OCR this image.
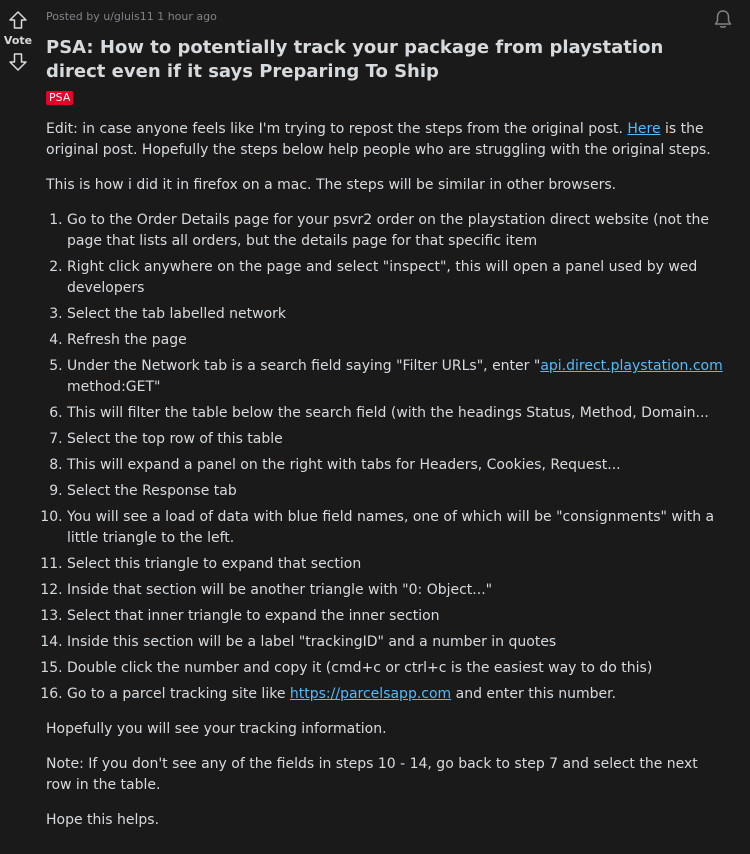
Vote
Posted by u/gluis11 1 hour ago
PSA: How to potentially track your package from playstation direct even if it says Preparing To Ship
PSA

Edit: in case anyone feels like I'm trying to repost the steps from the original post. Here is the original post. Hopefully the steps below help people who are struggling with the original steps.

This is how i did it in firefox on a mac. The steps will be similar in other browsers.

1. Go to the Order Details page for your psvr2 order on the playstation direct website (not the page that lists all orders, but the details page for that specific item
2. Right click anywhere on the page and select "inspect", this will open a panel used by wed developers
3. Select the tab labelled network
4. Refresh the page
5. Under the Network tab is a search field saying "Filter URLs", enter "api.direct.playstation.com method:GET"
6. This will filter the table below the search field (with the headings Status, Method, Domain...
7. Select the top row of this table
8. This will expand a panel on the right with tabs for Headers, Cookies, Request...
9. Select the Response tab
10. You will see a load of data with blue field names, one of which will be "consignments" with a little triangle to the left.
11. Select this triangle to expand that section
12. Inside that section will be another triangle with "0: Object..."
13. Select that inner triangle to expand the inner section
14. Inside this section will be a label "trackingID" and a number in quotes
15. Double click the number and copy it (cmd+c or ctrl+c is the easiest way to do this)
16. Go to a parcel tracking site like https://parcelsapp.com and enter this number.

Hopefully you will see your tracking information.

Note: If you don't see any of the fields in steps 10 - 14, go back to step 7 and select the next row in the table.

Hope this helps.
